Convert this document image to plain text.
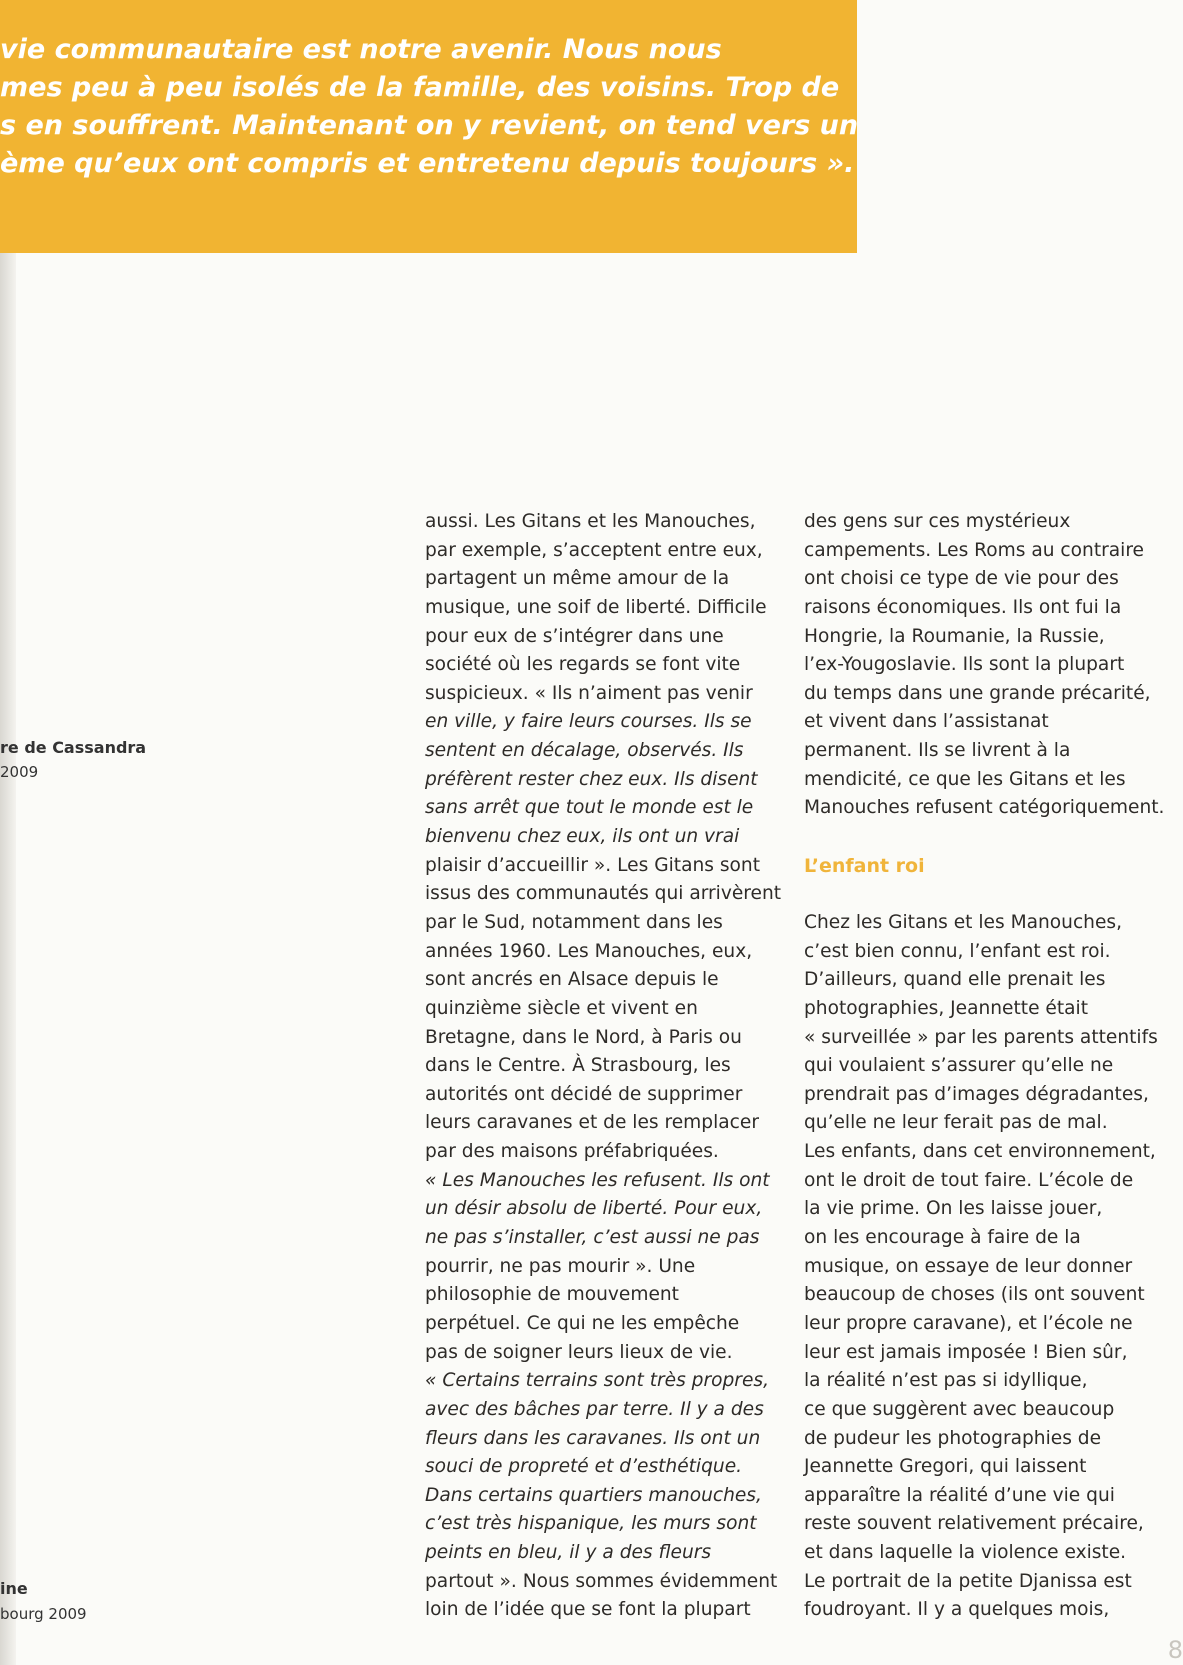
vie communautaire est notre avenir. Nous nous

mes peu à peu isolés de la famille, des voisins. Trop de

s en souffrent. Maintenant on y revient, on tend vers un

ème qu’eux ont compris et entretenu depuis toujours ».

re de Cassandra

2009

ine

bourg 2009

aussi. Les Gitans et les Manouches,
par exemple, s’acceptent entre eux,
partagent un même amour de la
musique, une soif de liberté. Difficile
pour eux de s’intégrer dans une
société où les regards se font vite
suspicieux. « Ils n’aiment pas venir
en ville, y faire leurs courses. Ils se
sentent en décalage, observés. Ils
préfèrent rester chez eux. Ils disent
sans arrêt que tout le monde est le
bienvenu chez eux, ils ont un vrai
plaisir d’accueillir ». Les Gitans sont
issus des communautés qui arrivèrent
par le Sud, notamment dans les
années 1960. Les Manouches, eux,
sont ancrés en Alsace depuis le
quinzième siècle et vivent en
Bretagne, dans le Nord, à Paris ou
dans le Centre. À Strasbourg, les
autorités ont décidé de supprimer
leurs caravanes et de les remplacer
par des maisons préfabriquées.
« Les Manouches les refusent. Ils ont
un désir absolu de liberté. Pour eux,
ne pas s’installer, c’est aussi ne pas
pourrir, ne pas mourir ». Une
philosophie de mouvement
perpétuel. Ce qui ne les empêche
pas de soigner leurs lieux de vie.
« Certains terrains sont très propres,
avec des bâches par terre. Il y a des
fleurs dans les caravanes. Ils ont un
souci de propreté et d’esthétique.
Dans certains quartiers manouches,
c’est très hispanique, les murs sont
peints en bleu, il y a des fleurs
partout ». Nous sommes évidemment
loin de l’idée que se font la plupart
des gens sur ces mystérieux
campements. Les Roms au contraire
ont choisi ce type de vie pour des
raisons économiques. Ils ont fui la
Hongrie, la Roumanie, la Russie,
l’ex-Yougoslavie. Ils sont la plupart
du temps dans une grande précarité,
et vivent dans l’assistanat
permanent. Ils se livrent à la
mendicité, ce que les Gitans et les
Manouches refusent catégoriquement.
L’enfant roi
Chez les Gitans et les Manouches,
c’est bien connu, l’enfant est roi.
D’ailleurs, quand elle prenait les
photographies, Jeannette était
« surveillée » par les parents attentifs
qui voulaient s’assurer qu’elle ne
prendrait pas d’images dégradantes,
qu’elle ne leur ferait pas de mal.
Les enfants, dans cet environnement,
ont le droit de tout faire. L’école de
la vie prime. On les laisse jouer,
on les encourage à faire de la
musique, on essaye de leur donner
beaucoup de choses (ils ont souvent
leur propre caravane), et l’école ne
leur est jamais imposée ! Bien sûr,
la réalité n’est pas si idyllique,
ce que suggèrent avec beaucoup
de pudeur les photographies de
Jeannette Gregori, qui laissent
apparaître la réalité d’une vie qui
reste souvent relativement précaire,
et dans laquelle la violence existe.
Le portrait de la petite Djanissa est
foudroyant. Il y a quelques mois,

8
